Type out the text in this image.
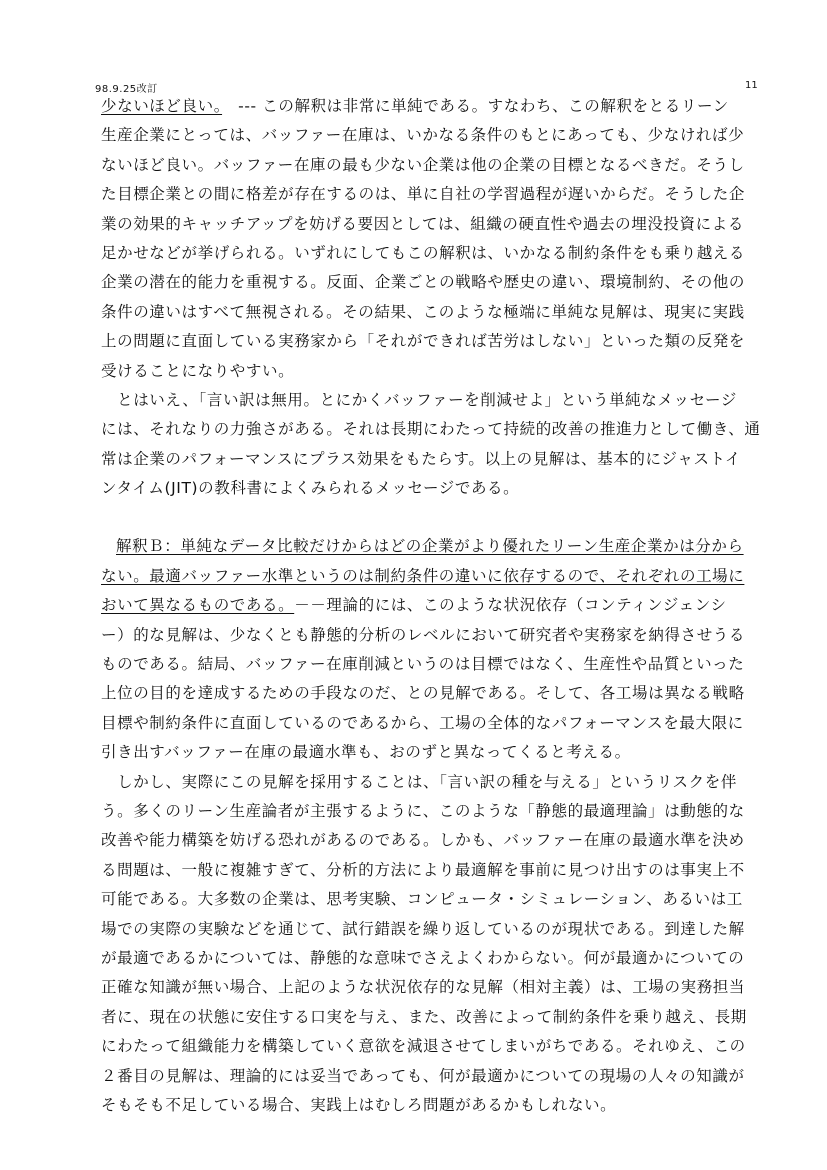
98.9.25改訂	11
少ないほど良い。　--- この解釈は非常に単純である。すなわち、この解釈をとるリーン
生産企業にとっては、バッファー在庫は、いかなる条件のもとにあっても、少なければ少
ないほど良い。バッファー在庫の最も少ない企業は他の企業の目標となるべきだ。そうし
た目標企業との間に格差が存在するのは、単に自社の学習過程が遅いからだ。そうした企
業の効果的キャッチアップを妨げる要因としては、組織の硬直性や過去の埋没投資による
足かせなどが挙げられる。いずれにしてもこの解釈は、いかなる制約条件をも乗り越える
企業の潜在的能力を重視する。反面、企業ごとの戦略や歴史の違い、環境制約、その他の
条件の違いはすべて無視される。その結果、このような極端に単純な見解は、現実に実践
上の問題に直面している実務家から「それができれば苦労はしない」といった類の反発を
受けることになりやすい。
　とはいえ、「言い訳は無用。とにかくバッファーを削減せよ」という単純なメッセージ
には、それなりの力強さがある。それは長期にわたって持続的改善の推進力として働き、通
常は企業のパフォーマンスにプラス効果をもたらす。以上の見解は、基本的にジャストイ
ンタイム(JIT)の教科書によくみられるメッセージである。
解釈Ｂ：単純なデータ比較だけからはどの企業がより優れたリーン生産企業かは分から
ない。最適バッファー水準というのは制約条件の違いに依存するので、それぞれの工場に
おいて異なるものである。－－理論的には、このような状況依存（コンティンジェンシ
ー）的な見解は、少なくとも静態的分析のレベルにおいて研究者や実務家を納得させうる
ものである。結局、バッファー在庫削減というのは目標ではなく、生産性や品質といった
上位の目的を達成するための手段なのだ、との見解である。そして、各工場は異なる戦略
目標や制約条件に直面しているのであるから、工場の全体的なパフォーマンスを最大限に
引き出すバッファー在庫の最適水準も、おのずと異なってくると考える。
　しかし、実際にこの見解を採用することは、「言い訳の種を与える」というリスクを伴
う。多くのリーン生産論者が主張するように、このような「静態的最適理論」は動態的な
改善や能力構築を妨げる恐れがあるのである。しかも、バッファー在庫の最適水準を決め
る問題は、一般に複雑すぎて、分析的方法により最適解を事前に見つけ出すのは事実上不
可能である。大多数の企業は、思考実験、コンピュータ・シミュレーション、あるいは工
場での実際の実験などを通じて、試行錯誤を繰り返しているのが現状である。到達した解
が最適であるかについては、静態的な意味でさえよくわからない。何が最適かについての
正確な知識が無い場合、上記のような状況依存的な見解（相対主義）は、工場の実務担当
者に、現在の状態に安住する口実を与え、また、改善によって制約条件を乗り越え、長期
にわたって組織能力を構築していく意欲を減退させてしまいがちである。それゆえ、この
２番目の見解は、理論的には妥当であっても、何が最適かについての現場の人々の知識が
そもそも不足している場合、実践上はむしろ問題があるかもしれない。
